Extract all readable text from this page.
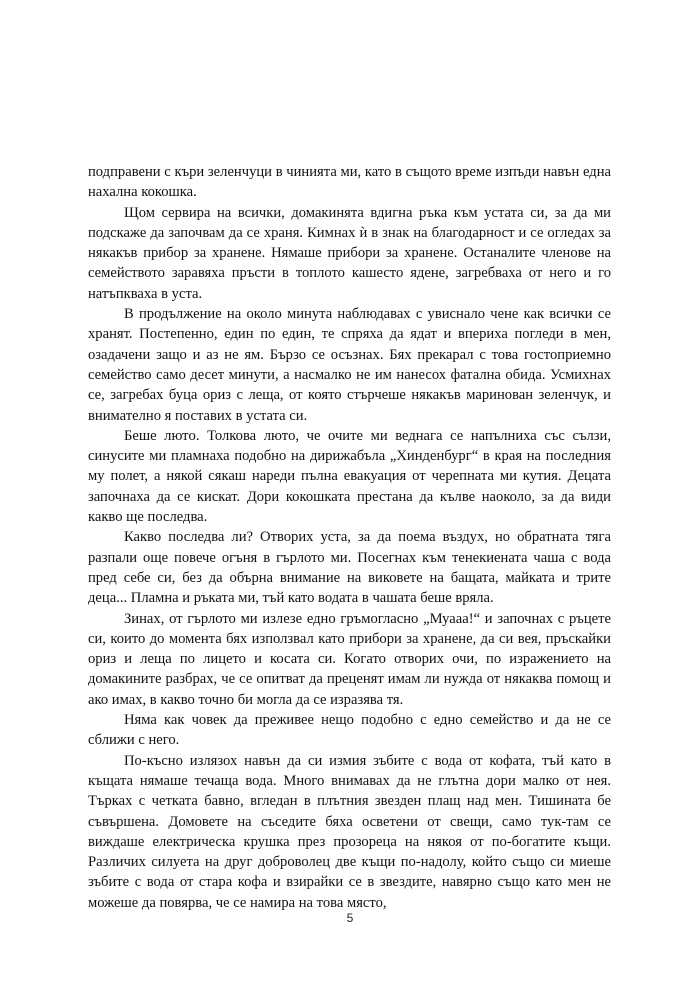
подправени с къри зеленчуци в чинията ми, като в същото време изпъди навън една нахална кокошка.

Щом сервира на всички, домакинята вдигна ръка към устата си, за да ми подскаже да започвам да се храня. Кимнах ѝ в знак на благодарност и се огледах за някакъв прибор за хранене. Нямаше прибори за хранене. Останалите членове на семейството заравяха пръсти в топлото кашесто ядене, загребваха от него и го натъпкваха в уста.

В продължение на около минута наблюдавах с увиснало чене как всички се хранят. Постепенно, един по един, те спряха да ядат и впериха погледи в мен, озадачени защо и аз не ям. Бързо се осъзнах. Бях прекарал с това гостоприемно семейство само десет минути, а насмалко не им нанесох фатална обида. Усмихнах се, загребах буца ориз с леща, от която стърчеше някакъв маринован зеленчук, и внимателно я поставих в устата си.

Беше лютo. Толкова лютo, че очите ми веднага се напълниха със сълзи, синусите ми пламнаха подобно на дирижабъла „Хинденбург“ в края на последния му полет, а някой сякаш нареди пълна евакуация от черепната ми кутия. Децата започнаха да се кискат. Дори кокошката престана да кълве наоколо, за да види какво ще последва.

Какво последва ли? Отворих уста, за да поема въздух, но обратната тяга разпали още повече огъня в гърлото ми. Посегнах към тенекиената чаша с вода пред себе си, без да обърна внимание на виковете на бащата, майката и трите деца... Пламна и ръката ми, тъй като водата в чашата беше вряла.

Зинах, от гърлото ми излезе едно гръмогласно „Муааа!“ и започнах с ръцете си, които до момента бях използвал като прибори за хранене, да си вея, пръскайки ориз и леща по лицето и косата си. Когато отворих очи, по изражението на домакините разбрах, че се опитват да преценят имам ли нужда от някаква помощ и ако имах, в какво точно би могла да се изразява тя.

Няма как човек да преживее нещо подобно с едно семейство и да не се сближи с него.

По-късно излязох навън да си измия зъбите с вода от кофата, тъй като в къщата нямаше течаща вода. Много внимавах да не глътна дори малко от нея. Търках с четката бавно, вгледан в плътния звезден плащ над мен. Тишината бе съвършена. Домовете на съседите бяха осветени от свещи, само тук-там се виждаше електрическа крушка през прозореца на някоя от по-богатите къщи. Различих силуета на друг доброволец две къщи по-надолу, който също си миеше зъбите с вода от стара кофа и взирайки се в звездите, навярно също като мен не можеше да повярва, че се намира на това място,

5
